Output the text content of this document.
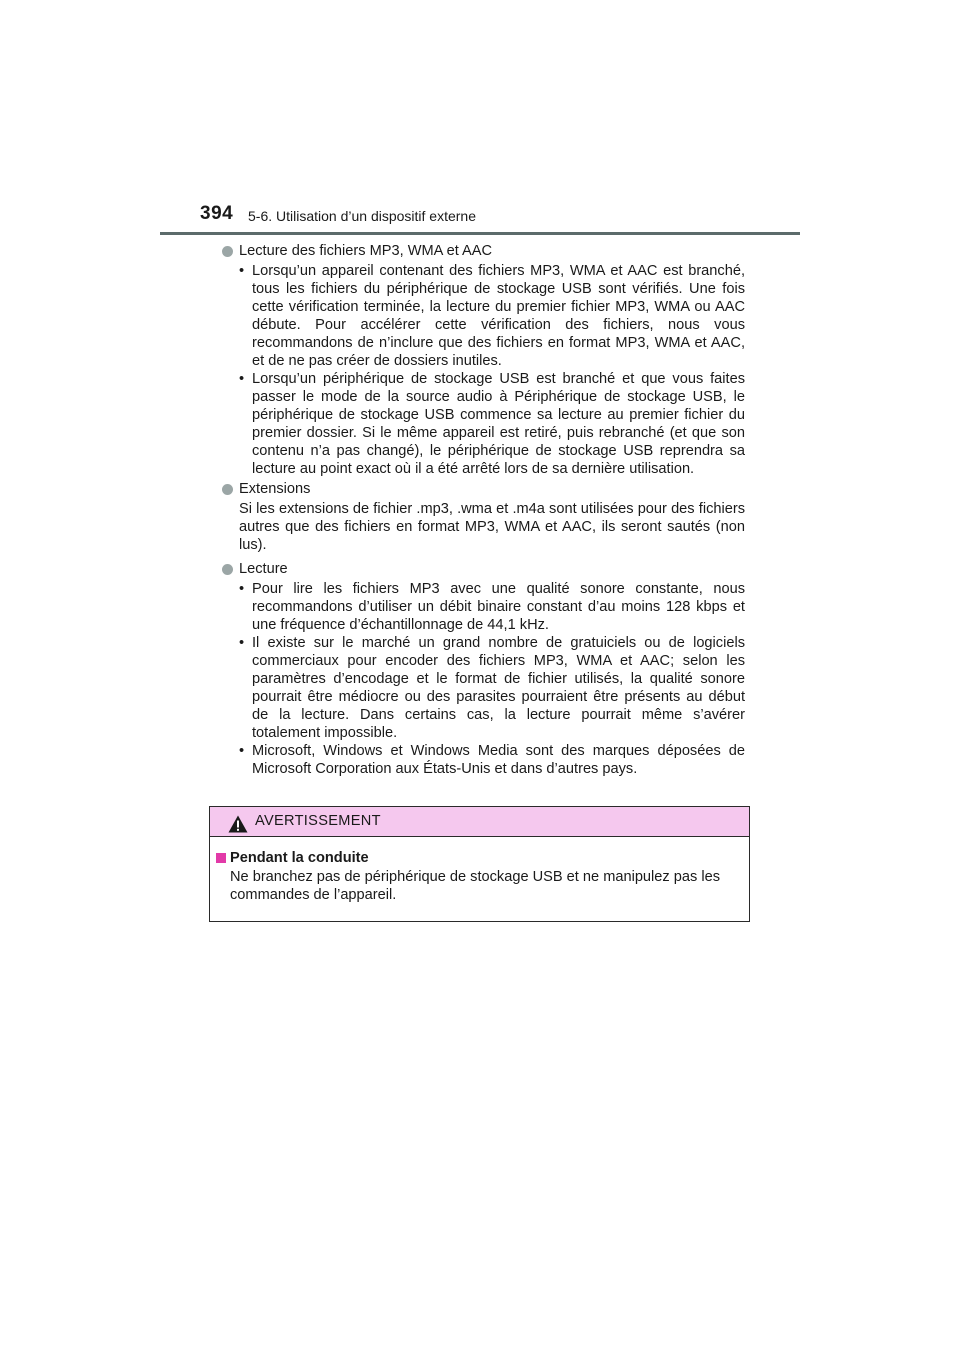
394 5-6. Utilisation d’un dispositif externe

Lecture des fichiers MP3, WMA et AAC

• Lorsqu’un appareil contenant des fichiers MP3, WMA et AAC est branché, tous les fichiers du périphérique de stockage USB sont vérifiés. Une fois cette vérification terminée, la lecture du premier fichier MP3, WMA ou AAC débute. Pour accélérer cette vérification des fichiers, nous vous recommandons de n’inclure que des fichiers en format MP3, WMA et AAC, et de ne pas créer de dossiers inutiles.
• Lorsqu’un périphérique de stockage USB est branché et que vous faites passer le mode de la source audio à Périphérique de stockage USB, le périphérique de stockage USB commence sa lecture au premier fichier du premier dossier. Si le même appareil est retiré, puis rebranché (et que son contenu n’a pas changé), le périphérique de stockage USB reprendra sa lecture au point exact où il a été arrêté lors de sa dernière utilisation.

Extensions

Si les extensions de fichier .mp3, .wma et .m4a sont utilisées pour des fichiers autres que des fichiers en format MP3, WMA et AAC, ils seront sautés (non lus).

Lecture

• Pour lire les fichiers MP3 avec une qualité sonore constante, nous recommandons d’utiliser un débit binaire constant d’au moins 128 kbps et une fréquence d’échantillonnage de 44,1 kHz.
• Il existe sur le marché un grand nombre de gratuiciels ou de logiciels commerciaux pour encoder des fichiers MP3, WMA et AAC; selon les paramètres d’encodage et le format de fichier utilisés, la qualité sonore pourrait être médiocre ou des parasites pourraient être présents au début de la lecture. Dans certains cas, la lecture pourrait même s’avérer totalement impossible.
• Microsoft, Windows et Windows Media sont des marques déposées de Microsoft Corporation aux États-Unis et dans d’autres pays.
AVERTISSEMENT
Pendant la conduite
Ne branchez pas de périphérique de stockage USB et ne manipulez pas les commandes de l’appareil.
